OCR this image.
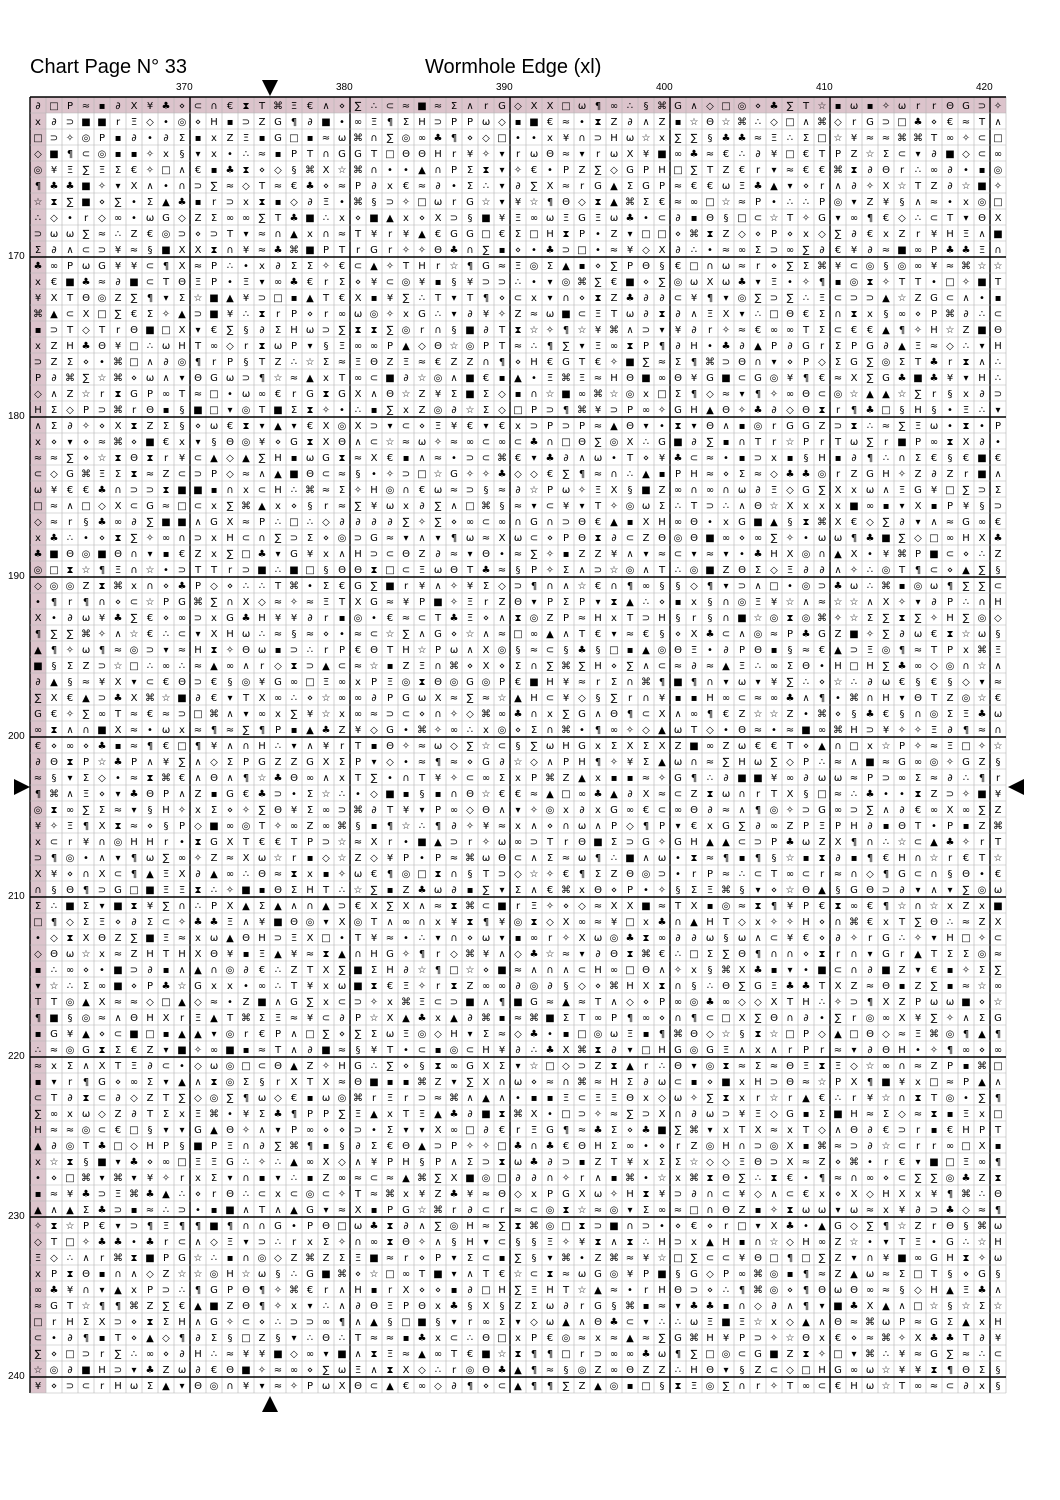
Chart Page N° 33	Wormhole Edge (xl)
370	380	390	400	410	420
170
180
190
200
210
220
230
240
∂ □ P ≈ ▪ ∂ X ¥ ♣ ⋄ ⊂ ∩ € ⧗ T ⌘ Ξ € ∧ ⋄ ∑ ∴ ⊂ ≈ ■ ≈ Σ ∧ r G ◇ X X □ ω ¶ ∞ ∴ § ⌘ G ∧ ◇ □ ◎ ⋄ ♣ ∑ T ☆ ▪ ω ▪ ✧ ω r r Θ G ⊃ ✧
x ∂ ⊃ ■ ■ r Ξ ◇ • ◎ ⋄ H ▪ ⊃ Z G ¶ ∂ ■ • ∞ Ξ ¶ Σ H ⊃ P P ω ◇ ▪ ■ € ≈ • ⧗ Z ∂ ∧ Z ▪ ☆ Θ ☆ ⌘ ∴ ◇ □ ∧ ⌘ ◇ r G ⊃ □ ♣ ⋄ € ≈ T ∧
□ ⊃ ✧ ◎ P ▪ ∂ • ∂ Σ ▪ x Z Ξ ▪ G □ ▪ ≈ ω ⌘ ∩ ∑ ◎ ∞ ♣ ¶ ⋄ ◇ □ • • x ¥ ∩ ⊃ H ω ☆ x ∑ ∑ § ♣ ♣ ≈ Ξ ∴ Σ □ ☆ ¥ ≈ ≈ ⌘ ⌘ T ∞ ✧ ⊂ □
◇ ■ ¶ ⊂ ◎ ▪ ▪ ✧ x § ▾ x • ∴ ≈ ▪ P T ∩ G G T □ Θ Θ H r ¥ ✧ ▾ r ω Θ ≈ ▾ r ω X ¥ ■ ∞ ♣ ≈ € ∴ ∂ ¥ □ € T P Z ☆ Σ ⊂ ▾ ∂ ■ ◇ ⊂ ∞
◎ ¥ Ξ ∑ Ξ Σ € ✧ □ ∧ € ▪ ♣ ⧗ ⋄ ◇ § ⌘ X ☆ ⌘ ∩ • • ▲ ∩ P Σ ⧗ ▾ ✧ € • P Z ∑ ◇ G P H □ ∑ T Z € r ▾ ≈ € € ⌘ ⧗ ∂ Θ r ∴ ∞ ∂ • ▪ ◎
¶ ♣ ♣ ■ ✧ ▾ X ∧ • ∩ ⊃ ∑ ≈ ◇ T ≈ € ♣ ⋄ ≈ P ∂ x € ≈ ∂ • Σ ∴ ▾ ∂ ∑ X ≈ r G ▲ Σ G P ≈ € € ω Ξ ♣ ▲ ▾ ⋄ r ∧ ∂ ✧ X ☆ T Z ∂ ☆ ■ ✧
☆ ⧗ ∑ ■ ⋄ ∑ • Σ ▲ ♣ ▪ r ⊃ x ⧗ ▪ ◇ ∂ Ξ • ⌘ § ⊃ ✧ □ ω r G ☆ ▾ ¥ ☆ ¶ Θ ◇ ⧗ ▲ ⌘ Σ € ≈ ∞ □ ☆ ≈ P • ∴ ∴ P ◎ ▾ Z ¥ § ∧ ≈ • x ◎ □
∴ ◇ • r ◇ ∞ • ω G ◇ Z Σ ∞ ∞ ∑ T ♣ ■ ∴ x ⋄ ■ ▲ x ⋄ X ⊃ § ■ ¥ Ξ ∞ ω Ξ G Ξ ω ♣ • ⊂ ∂ ▪ Θ § □ ⊂ ☆ T ✧ G ▾ ∞ ¶ € ◇ ∴ ⊂ T ▾ Θ X
⊃ ω ω ∑ ≈ ∴ Z € ◎ ⊃ ⋄ ⊃ T ▾ ≈ ∩ ▲ x ∩ ≈ T ¥ r ¥ ▲ € G G □ € Σ □ H ⧗ P • Z ▾ □ □ ⋄ ⌘ ⧗ Z ◇ ⋄ P ⋄ x ◇ ∑ ∂ € x Z r ¥ H Ξ ∧ ■
Σ ∂ ∧ ⊂ ⊃ ¥ ≈ § ■ X X ⧗ ∩ ¥ ≈ ♣ ⌘ ■ P T r G r ✧ ✧ Θ ♣ ∩ ∑ ▪ ⋄ • ♣ ⊃ □ • ≈ ¥ ◇ X ∂ ∴ • ≈ ∞ Σ ⊃ ∞ ∑ ∂ € ¥ ∂ ≈ ■ ∞ P ♣ ♣ Ξ ∩
♣ ∞ P ω G ¥ ¥ ⊂ ¶ X ≈ P ∴ • x ∂ Σ Σ ✧ € ⊂ ▲ ✧ T H r ☆ ¶ G ≈ Ξ ◎ Σ ▲ ▪ ⋄ ∑ P Θ § € □ ∩ ω ≈ r ⋄ ∑ Σ ⌘ ¥ ⊂ ◎ § ◎ ∞ ¥ ≈ ⌘ ☆ ☆
x € ■ ♣ ≈ ∂ ■ ⊂ T Θ Ξ P • Ξ ▾ ∞ ♣ € r Σ ⋄ ¥ ⊂ ◎ ¥ ▪ § ¥ ⊃ ⊃ ∴ • ▾ ◎ ⌘ ∑ € ■ ⋄ ∑ ◎ ω X ω ♣ ▾ Ξ • ✧ ¶ ▪ ◎ ⧗ ✧ T T • □ ✧ ■ T
¥ X T Θ ◎ Z ∑ ¶ ▾ Σ ☆ ■ ▲ ¥ ⊃ □ ▪ ▲ T € X ▪ ¥ ∑ ∴ T ▾ T ¶ ⋄ ⊂ x ▾ ∩ ⋄ ⧗ Z ♣ ∂ ∂ ⊂ ¥ ¶ ▾ ◎ ∑ ⊃ ∑ ∴ Ξ ⊂ ⊃ ⊃ ▲ ☆ Z G ⊂ ∧ • ▪
⌘ ▲ ⊂ X □ ∑ € Σ ✧ ▲ ⊃ ■ ¥ ∴ ⧗ r P ⋄ r ∞ ω ◎ ✧ x G ∴ ▾ ∂ ¥ ✧ Z ≈ ω ■ ⊂ Ξ T ω ∂ ⧗ ∂ ∧ Ξ X ▾ ∴ □ Θ € Σ ∩ ⧗ x § ∞ ⋄ P ⌘ ∂ ∴ ⊂
▪ ⊃ T ◇ T r Θ ■ □ X ▾ € ∑ § ∂ Σ H ω ⊃ ∑ ⧗ ⧗ ∑ ◎ r ∩ § ■ ∂ T ⧗ ☆ ✧ ¶ ☆ ¥ ⌘ ∧ ⊃ ▾ ¥ ∂ r ✧ ≈ € ∞ ∞ T Σ ⊂ € € ▲ ¶ ✧ H ☆ Z ■ Θ
x Z H ♣ Θ ¥ □ ∴ ω H T ∞ ◇ r ⧗ ω P ▾ § Ξ ∞ ∞ P ▲ ◇ Θ ☆ ◎ P T ≈ ∴ ¶ ∑ ▾ Ξ ∞ ⧗ P ¶ ∂ H • ♣ ∂ ▲ P ∂ G r Σ P G ∂ ▲ Ξ ≈ ◇ ∴ ▾ H
⊃ Z Σ ⋄ • ⌘ □ ∧ ∂ ◎ ¶ r P § T Z ∴ ☆ Σ ≈ Ξ Θ Z Ξ ≈ € Z Z ∩ ¶ ⋄ H € G T € ✧ ■ ∑ ≈ Σ ¶ ⌘ ⊃ Θ ∩ ▾ ⋄ P ◇ Σ G ∑ ◎ Σ T ♣ r ⧗ ∧ ∴
P ∂ ⌘ ∑ ☆ ⌘ ⋄ ω ∧ ▾ Θ G ω ⊃ ¶ ☆ ≈ ▲ x T ∞ ⊂ ■ ∂ ☆ ◎ ∧ ■ € ▪ ▲ • Ξ ⌘ Ξ ≈ H Θ ■ ∞ Θ ¥ G ■ ⊂ G ◎ ¥ ¶ € ≈ X ∑ G ♣ ■ ♣ ¥ ▾ H ∴
◇ ∧ Z ☆ r ⧗ G P ∞ T ≈ □ • ω ∞ € r G ⧗ G X ∧ Θ ☆ Z ¥ Σ ■ Σ ◇ ▪ ∩ ☆ ■ ∞ ⌘ ☆ ◎ x □ Σ ¶ ◇ ≈ ▾ ¶ ✧ ∞ Θ ⊂ ◎ ☆ ▲ ▲ ☆ ∑ r § x ∂ ⊃
H Σ ◇ P ⊃ ⌘ r Θ ▪ § ■ □ ▾ ◎ T ■ Σ ⧗ ✧ • ∴ ▪ ∑ x Z ◎ ∂ ☆ Σ ◇ □ P ⊃ ¶ ⌘ ¥ ⊃ P ∞ ✧ G H ▲ Θ ✧ ♣ ∂ ◇ Θ ⧗ r ¶ ♣ □ § H § • Ξ ∴ ▾
∧ Σ ∂ ✧ ⋄ X ⧗ Z Σ § ⋄ ω € ⧗ ▾ ▲ ▾ € X ◎ X ⊃ ▾ ⊂ ⋄ Ξ ¥ € ▾ € x ⊃ P ⊃ P ≈ ▲ Θ ▾ • ⧗ ▾ Θ ∧ ▪ ◎ r G G Z ⊃ ⧗ ∴ ≈ ∑ Ξ ω • ⧗ • P
x ⋄ ▾ ⋄ ≈ ⌘ ⋄ ■ € x ▾ § Θ ◎ ¥ ⋄ G ⧗ X Θ ∧ ⊂ ☆ ≈ ω ✧ ≈ ∞ ⊂ ∞ ⊂ ♣ ∩ □ Θ ∑ ◎ X ∴ G ■ ∂ ∑ ▪ ∩ T r ☆ P r T ω ∑ r ■ P ∞ ⧗ X ∂ •
≈ ≈ ∑ ⋄ ☆ ⧗ Θ ⧗ r ¥ ⊂ ▲ ◇ ▲ ∑ H ▪ ω G ⧗ ≈ X € ▪ ∧ ≈ • ⊃ ⊂ ⌘ € ▾ ♣ ∂ ∧ ω • T ⋄ ¥ ♣ ⊂ ≈ • ▪ ⊃ x ▪ § H ▪ ∂ ¶ ∴ ∩ Σ € § € ■ €
⊂ ◇ G ⌘ Ξ Σ ⧗ ≈ Z ⊂ ⊃ P ◇ ≈ ∧ ▲ ■ Θ ⊂ ≈ § • ✧ ⊃ □ ☆ G ✧ ✧ ♣ ◇ ◇ € ∑ ¶ ≈ ∩ ∴ ▲ ▪ P H ≈ ⋄ Σ ≈ ◇ ♣ ♣ ◎ r Z G H ✧ Z ∂ Z r ■ ∧
ω ¥ € € ♣ ∩ ⊃ ⊃ ⧗ ■ ■ ▪ ∩ x ⊂ H ∴ ⌘ ≈ Σ ✧ H ◎ ∩ € ω ≈ ⊃ § ≈ ∂ ☆ P ω ✧ Ξ X § ■ Z ∞ ∩ ∞ ∩ ω ∂ Ξ ◇ G ∑ X x ω ∧ Ξ G ¥ □ ∑ ⊃ Σ
□ ≈ ∧ □ ◇ X ⊂ G ≈ □ ⊂ x ∑ ⌘ ▲ x ⋄ § r ≈ ∑ ¥ ω x ∂ ∑ ∧ □ ⌘ § ≈ ▾ ⊂ ¥ ▾ T ✧ ◎ ω Σ ∴ T ⊃ ∴ ∧ Θ ☆ X x x x ■ ∞ ▪ ▾ X ▪ P ¥ § ⊃
◇ ≈ r § ♣ ∞ ∂ ∑ ■ ■ ∧ G X ≈ P ∴ □ ∴ ◇ ∂ ∂ ∂ ∂ ∑ ✧ ∑ ⋄ ∞ ⊂ ∞ ∩ G ∩ ⊃ Θ € ▲ ▪ X H ∞ Θ • x G ■ ▲ § ⧗ ⌘ X € ◇ ∑ ∂ ▾ ∧ ≈ G ∞ €
x ♣ ∴ • ⋄ ⧗ ∑ ✧ ∞ ∩ ⊃ x H ⊂ ∩ ∑ ⊃ Σ ⋄ ◎ ⊃ G ≈ ▾ ∧ ▾ ¶ ω ≈ X ω ⊂ ⋄ P Θ ⧗ ∂ ⊂ Z Θ ◎ Θ ■ ∞ ⋄ ∞ ∑ ✧ • ω ω ¶ ♣ ■ ∑ ◇ □ ∞ H X ♣
♣ ■ Θ ◎ ■ Θ ∩ ▾ ▪ € Z x ∑ □ ♣ ▾ G ¥ x ∧ H ⊃ ⊂ Θ Z ∂ ≈ ▾ Θ • ≈ ∑ ✧ ▪ Z Z ¥ ∧ ▾ ≈ ⊂ ▾ ≈ ▾ • ♣ H X ◎ ∩ ▲ X • ¥ ⌘ P ■ ⊂ ⋄ ∴ Z
◎ □ ⧗ ☆ ¶ Ξ ∩ ☆ • ⊃ T T r ⊃ ■ ∴ ■ □ § Θ Θ ⧗ □ ⊂ Ξ ω Θ T ♣ ≈ § P ✧ Σ ∧ ⊃ ☆ ◎ ∧ T ∴ ◎ ■ Z Θ Σ ◇ Ξ ∂ ∂ ∧ ✧ ∴ ◎ T ¶ ⊂ ⋄ ▲ ∑ §
◇ ◎ ◎ Z ⧗ ⌘ x ∩ ⋄ ♣ P ◇ ⋄ ∴ ∴ T ⌘ • Σ € G ∑ ■ r ¥ ∧ ✧ ¥ Σ ◇ ⊃ ¶ ∩ ∧ ☆ € ∩ ¶ ∞ § § ◇ ¶ ▾ ⊃ ∧ □ • ◎ ⊃ ♣ ω ∴ ⌘ ▪ ◎ ω ¶ ∑ ∑ ⊂
• ¶ r ¶ ∩ ⋄ ⊂ ☆ P G ⌘ ∑ ∩ X ◇ ≈ ✧ ≈ Ξ T X G ≈ ¥ P ■ ✧ Ξ r Z Θ ▾ P Σ P ▾ ⧗ ▲ ∴ ⋄ ▪ x § ∩ ◎ Ξ ¥ ☆ ∧ ≈ ☆ ☆ ∧ X ✧ ▾ ∂ P ∴ ∩ H
X • ∂ ω ¥ ♣ ∑ € ⋄ ∞ ⊃ x G ♣ H ¥ ¥ ∂ r ▪ ◎ • € ≈ ⊂ T ♣ Ξ ⋄ ∧ ⧗ ◎ Z P ≈ H x T ⊃ H § r § ∩ ■ ☆ ◎ ⧗ ◎ ⌘ ✧ ☆ Σ ∑ ⧗ ∑ ✧ H ∑ ◎ ◇
¶ ∑ ∑ ⌘ ✧ ∧ ☆ € ∴ ⊂ ▾ X H ω ∴ ≈ § ≈ ⋄ • ≈ ⊂ ☆ ∑ ∧ G ⋄ ☆ ∧ ≈ □ ∞ ▲ ∧ T € ▾ ≈ € § ⋄ X ♣ ⊂ ∧ ◎ ≈ P ♣ G Z ■ ✧ ∑ ∂ ω € ⧗ ☆ ω §
▲ ¶ ✧ ω ¶ ≈ ◎ ⊃ ▾ ≈ H ⧗ ✧ Θ ω ▪ ⊃ ∴ r P € Θ T H ☆ P ω ∧ X ◎ § ≈ ⊂ § ♣ § □ ▪ ▲ ◎ Θ Ξ • ∂ P Θ ▪ § ≈ € ▲ ⊃ Ξ ◎ ¶ ≈ T P x ⌘ Ξ
■ § Σ Z ⊃ ☆ □ ∴ ∞ ∴ ≈ ▲ ∞ ∧ r ◇ ⧗ ⊃ ▲ ⊂ ≈ ☆ ▪ Z Ξ ∩ ⌘ ⋄ X ⋄ Σ ∩ ∑ ⌘ ∑ H ⋄ ∑ ∧ ⊂ ≈ ∂ ≈ ▲ Ξ ∴ ∞ Σ Θ • H □ H ∑ ♣ ∞ ◇ ◎ ∩ ☆ ∧
∂ ▲ § ≈ ¥ X ▾ ⊂ € Θ ⊃ € § ◎ ¥ G ∞ □ Ξ ∞ x P Ξ ◎ ⧗ Θ ◎ G ◎ P € ■ H ¥ ≈ r Σ ∩ ⌘ ¶ ■ ¶ ∩ ▾ ω ▾ ¥ ∑ ∴ ⋄ ☆ ∴ ∂ ω € § € § ◇ ▾ ≈
∑ X € ▲ ⊃ ♣ X ⌘ ☆ ■ ∂ € ▾ T X ∞ ∴ ⋄ ☆ ∞ ∞ ∂ P G ω X ≈ ∑ ≈ ☆ ▲ H ⊂ ¥ ◇ § ∑ r ∩ ¥ ▪ ▪ H ∞ ⊂ ≈ ∞ ♣ ∧ ¶ • ⌘ ∩ H ▾ Θ T Z ◎ ☆ €
G € ✧ ∑ ∞ T ≈ € ≈ ⊃ □ ⌘ ∧ ▾ ∞ x ∑ ¥ ☆ x ∞ ≈ ⊃ ⊂ ⋄ ∩ ✧ ◇ ⌘ ∞ ♣ ∩ x ∑ G ∧ Θ ¶ ⊂ X ∧ ∞ ¶ € Z ☆ ☆ Z • ⌘ ⋄ § ♣ € § ∩ ◎ Σ Ξ ♣ ω
∞ ⧗ ∧ ∩ ■ X ≈ • ω x ≈ ¶ ≈ ∑ ¶ P ▪ ▲ ♣ Z ¥ ◇ G • ⌘ ✧ ∞ ∴ x ◎ ⋄ Σ ∩ ⌘ • ¶ ∞ ✧ ◇ ▲ ω T ◇ • Θ ≈ • ≈ ■ ∞ ⌘ H ⊃ ¥ ✧ ✧ Ξ ∂ ¶ ≈ ∩
€ ⋄ ∞ ⋄ ♣ ▪ ≈ ¶ € □ ¶ ¥ ∧ ∩ H ∴ ▾ ∧ ¥ r T ▪ Θ ✧ ≈ ω ◇ ∑ ☆ ⊂ § ∑ ω H G x Σ X Σ X Z ■ ∞ Z ω € € T ⋄ ▲ ∩ □ x ☆ P ✧ ≈ Ξ □ ✧ ☆
∂ Θ ⧗ P ☆ ♣ P ∧ ¥ ∑ ∧ ◇ Σ P G Z Z G X Σ P ▾ ◇ • ≈ ¶ ≈ ⋄ G ∂ ☆ ◇ ∧ P H ¶ ✧ ¥ Σ ▲ ω ∩ ≈ ∑ H ω ∑ ◇ P ∴ ≈ ∧ ■ ≈ G ∞ ◎ ✧ G Z §
≈ § ▾ Σ ◇ • ≈ ⧗ ⌘ € ∧ Θ ∧ ¶ ☆ ♣ Θ ∞ ∧ x T ∑ • ∩ T ¥ ✧ ⊂ ∞ Σ x P ⌘ Z ▲ x ▪ ▪ ≈ ✧ G ¶ ∴ ∂ ■ ■ ¥ ∞ ∂ ω ω ≈ P ⊃ ∞ Σ ≈ ∂ ∴ ¶ r
¶ ⌘ ∧ Ξ ⋄ ▾ ♣ Θ P ∧ Z ▪ G € ♣ ⊃ • Σ ☆ ∴ • ◇ ■ ▪ § ▪ ∩ Θ ☆ € € ≈ ▲ □ ∞ ♣ ▲ ∂ X ≈ ⊂ Z ⧗ ω ∩ r T X § □ ≈ ∴ ♣ • • ⧗ Z ⊃ ✧ ■ ¥
◎ ⧗ ∞ ∑ Σ ≈ ▾ § H ✧ x Σ ⋄ ✧ ∑ Θ ¥ Σ ∞ ⊃ ⌘ ∂ T ¥ ▾ P ∞ ◇ Θ ∧ ▾ ✧ ◎ x ∂ x G ∞ € ⊂ ∞ Θ ∂ ≈ ∧ ¶ ◎ ✧ ⊃ G ∞ ⊃ ∑ ∧ ∂ € ∞ X ∞ ∑ Z
¥ ✧ Ξ ¶ X ⧗ ≈ ⋄ § P ◇ ■ ∞ ◎ T ✧ ∞ Z ∞ ⌘ § ▪ ¶ ☆ ∴ ¶ ∂ ✧ ¥ ≈ x ∧ ⋄ ∩ ω ∧ P ◇ ¶ P ▾ € x G ∑ ∂ ∞ Z P Ξ P H ∂ ▪ Θ T • P ▪ Z ⌘
x ⊂ r ¥ ∩ ◎ H H r • ⧗ G X T € € T P ⊃ ☆ ≈ X r • ■ ▲ ⊃ r ✧ ω ∞ ⊃ T r Θ ■ Σ ⊃ G ✧ G H ▲ ▲ ⊂ ⊃ P ♣ ω Z X ¶ ∩ ∴ ☆ ⊂ ▲ ♣ ✧ r T
⊃ ¶ ◎ • ∧ ▾ ¶ ω ∑ ∞ ✧ Z ≈ X ω ☆ r ▪ ◇ ☆ Z ◇ ¥ P • P ≈ ⌘ ω Θ ⊂ ∧ Σ ≈ ω ¶ ∴ ■ ∧ ω • ⧗ ≈ ¶ ▪ ¶ § ☆ ▪ ⧗ ∂ ▪ ¶ € H ∩ ☆ r € T ☆
X ¥ ⋄ ∩ X ⊂ ¶ ▲ Ξ X ∂ ▲ ∞ ∴ Θ ≈ ⧗ x ▪ ✧ ω € ¶ ◎ □ ⧗ ∩ § T ⊃ ◇ ☆ ✧ € ¶ Σ Z Θ ◎ ⊃ • r P ≈ ∴ ⊂ T ∞ ⊂ r ≈ ∩ ◇ ¶ G ⊂ ∩ § Θ • €
∩ § Θ ¶ ⊃ G □ ■ Ξ Ξ ⧗ ∴ ✧ ■ ▪ Θ Σ H T ∴ ☆ ∑ ▪ Z ♣ ω ∂ ▪ ∑ ▾ Σ ∧ € ⌘ x Θ ⋄ P • ✧ § Σ Ξ ⌘ § ▾ ⋄ ☆ Θ ▲ § G Θ ⊃ ∂ ▾ ∧ ▾ ∑ ◎ ω
Σ ∴ ■ Σ ▾ ■ ⧗ ¥ ∑ ∩ ∴ P X ▲ Σ ▲ ∧ ∩ ▲ ⊃ € X ∑ X ∧ ≈ ⧗ ⌘ ⊂ ■ r Ξ ✧ ⋄ ◇ ≈ X X ■ ≈ T X ▪ ◎ ≈ ⧗ ¶ ¥ P € ⧗ ∞ € ¶ ☆ ∩ ☆ x Z x ■
□ ¶ ◇ Σ Ξ ⋄ ∂ Σ ⊂ ✧ ♣ ♣ Ξ ∧ ¥ ■ Θ ◎ ▾ X ◎ T ∧ ∞ ∩ x ¥ ⧗ ¶ ¥ ◎ ⧗ ◇ X ∞ ≈ ¥ □ x ♣ ∩ ▲ H T ◇ x ✧ ✧ H ⋄ ∩ ⌘ € x T ∑ Θ ∴ ≈ Z X
• ◇ ⧗ X Θ Z ∑ ■ Ξ ≈ x ω ▲ Θ H ⊃ Ξ X □ • T ¥ ≈ • ∴ ▾ ∩ ⋄ ω ▾ ▪ ∞ r ✧ X ω ◎ ♣ ⧗ ∞ ∂ ∂ ω § ω ∧ ⊂ ¥ € ⋄ ∂ ✧ r G ∴ ✧ ▾ H □ ✧ ⊂
◇ Θ ω ☆ x ≈ Z H T H X Θ ¥ ▪ Ξ ▲ ¥ ≈ ⧗ ▲ ∩ H G ✧ ¶ r ◇ ⌘ ¥ ∧ ◇ ♣ ☆ ≈ ▾ ∂ Θ ⧗ ⌘ € ∴ □ Σ ∑ Θ ¶ ∩ ∩ ⋄ ⧗ r ∩ ▾ G r ▲ T Σ Σ ◎ ≈
▪ ∴ ∞ ⋄ • ■ ⊃ ∂ ▪ ∧ ▲ ∩ ◎ ∂ € ∴ Z T X ∑ ■ Σ H ∂ ☆ ¶ □ ☆ ⋄ ■ ≈ ∧ ∩ ∧ ⊂ H ∞ □ Θ ∧ ✧ x § ⌘ X ♣ ▪ ▾ • ■ ⊂ ∩ ∂ ■ Z ▾ € ▪ ✧ Σ ∑
▾ ☆ ∴ Σ ∞ ■ ⋄ P ♣ ☆ G x x • ∞ ∴ T ¥ x ω ■ ⧗ € Ξ ✧ r ⧗ Z ∞ ∞ ∂ ◎ ∂ § ◇ ⋄ ⌘ H X ⧗ ∩ § ∴ Θ ∑ G Ξ ♣ ♣ T X Z ≈ Θ ▪ Z ∑ ▪ ≈ ☆ ∞
T T ◎ ▲ X ≈ ≈ ◇ □ ▲ ◇ ≈ • Z ■ ∧ G ∑ x ⊂ ⊃ ✧ x ⌘ Ξ ⊂ ⊃ ■ ∧ ¶ ■ G ≈ ▲ ≈ T ∧ ◇ ⋄ P ∞ ◎ ♣ ∞ ◇ ◇ X T H ∴ ✧ ⊃ ¶ X Z P ω ω ■ ⋄ ☆
¶ ■ § ◎ ≈ ∧ Θ H X r Ξ ▲ T ⌘ Σ Ξ ≈ ¥ ⊂ ∂ P ☆ X ▲ ♣ x ▲ ∂ ⌘ ▪ ≈ ⌘ ■ Σ T ∞ P ¶ ∞ ⋄ ∩ ¶ ⊂ □ X ∑ Θ ∩ ∂ • ∑ r ◎ ∞ X ¥ ∑ ✧ ∧ Σ G
▪ G ¥ ▲ ⋄ ⊂ ■ □ ▪ ▲ ▲ ▾ ◎ r € P ∧ □ ∑ ⋄ ∑ Σ ω Ξ ◎ ◇ H ▾ Σ ≈ ◇ ♣ • ▪ □ ◎ ω Ξ ▪ ¶ ⌘ Θ ◇ ☆ § ⧗ ☆ □ P ◇ ▲ □ Θ ◇ ≈ Ξ ⌘ ◎ ¶ ▲ ¶
∴ ≈ ◎ G ⧗ Σ € Z ▾ ■ ✧ ∞ ■ ▪ ≈ T ∧ ∂ ■ ≈ § ¥ T • ⊂ ▪ ◎ ⊂ H ¥ ∂ ∴ ♣ X ⌘ ⧗ ∂ ▾ □ H G ◎ G Ξ ∧ x ∧ r P r ≈ ▾ ∂ Θ H • ✧ ¶ ∞ ⋄ ∞
≈ x Σ ∧ X T Ξ ∂ ⊂ • ◇ ω ◎ □ ⊂ Θ ▲ Z ✧ H G ∴ ∑ ⋄ § ⧗ ∞ G X Σ ▾ ☆ □ ◇ ⊃ Z ⧗ ▲ r ∴ Θ ▾ ◎ ⧗ ≈ Σ ≈ Θ Ξ ⧗ Ξ ◇ ☆ ∞ ∩ ≈ Z P ▪ ⌘ □
▪ ▾ r ¶ G ⋄ ∞ Σ ▾ ▲ ∧ ⧗ ◎ Σ § r X T X ≈ Θ ■ ▪ ▪ ⌘ Z ▾ ∑ X ∩ ω ⋄ ≈ ∩ ⌘ ≈ H Σ ∂ ω ⊂ ▪ ⋄ ■ x H ⊃ Θ ≈ ☆ P X ¶ ■ ¥ x □ ≈ P ▲ ∧
⊂ T ∂ ⧗ ⊂ ∂ ◇ Z T ∑ ◇ ◎ ∑ ¶ ω ◇ € ▪ ω ◎ ⌘ r Ξ r ⊃ ≈ ⌘ ∧ ▲ ∧ • ▪ ▪ Ξ ⊂ Ξ Ξ Θ x ◇ ω ✧ ∑ ⧗ x r ☆ r ▲ € ∴ r ¥ ☆ ∩ ⧗ T ◎ • ∑ ¶
∑ ∞ x ω ◇ Z ∂ T Σ x Ξ ⌘ • ¥ Σ ♣ ¶ P P ∑ Ξ ▲ x T Ξ ▲ ♣ ∂ ■ ⧗ ⌘ X • □ ⊃ ✧ ≈ ∑ ⊃ X ∩ ∂ ω ⊃ ¥ Ξ ◇ G ▪ Σ ■ H ≈ Σ ◇ ≈ ⧗ ▪ Ξ x □
H ≈ ≈ ◎ ⊂ € □ § ▾ ▾ G ▲ Θ ✧ ∧ ▾ P ∞ ⋄ ⋄ ⊃ • Σ ▾ ▾ X ∞ □ ∂ € r Ξ G ¶ ≈ ♣ Σ ⋄ ♣ ■ ∑ ⌘ ▾ x T X ≈ x T ◇ ∧ Θ ∂ € ⊃ r ▪ € H P T
▲ ∂ ◎ T ♣ □ ◇ H P § ■ P Ξ ∩ ∂ ∑ ⌘ ¶ ▪ § ∂ Σ € Θ ▲ ⊃ P ✧ ✧ □ ♣ ∩ ♣ € Θ H Σ ∞ • ⋄ r Z ◎ H ∩ ⊃ ◎ X ▪ ⌘ ≈ ⊃ ∂ ☆ ⊂ r r ∞ □ X ▪
x ☆ ⧗ § ■ ▾ ♣ ⋄ ∞ □ Ξ Ξ G ∴ ✧ ∴ ▲ ∞ X ◇ ∧ ¥ P H § P ∧ Σ ⊃ ⧗ ω ♣ ∂ ⊃ ▪ Z T ¥ x Σ Σ ☆ ◇ ◇ Ξ Θ ⊃ X ≈ Z ⋄ ⌘ • r € ▾ ■ □ Ξ ∞ ¶
• ⋄ □ ⌘ ▾ ⌘ ▾ ¥ ✧ r x Σ ▾ ∩ ▪ ▾ ∴ ▪ Z ∞ ≈ ⊂ ≈ ▲ ⌘ ∑ X ■ ◎ □ ∂ ∂ ∩ ✧ r ∧ ▪ ⌘ • ☆ x ⌘ ⧗ Θ ∑ ∴ ⧗ € • ¶ ≈ ∩ ∞ ⋄ ⊂ ∑ ∑ ◎ ♣ Z ⧗
▪ ≈ ¥ ♣ ⊃ Ξ ⌘ ♣ ▲ ∴ ⋄ r Θ ∴ ⊂ x ⊂ ◎ ⊂ ✧ T ≈ ⌘ x ¥ Z ♣ ¥ ≈ Θ ◇ x P G X ω ✧ H ⧗ ¥ ⊃ ∂ ∩ ⊂ ¥ ◇ ∧ ⊂ € x ⋄ X ◇ H X x ¥ ¶ ⌘ ∴ Θ
▲ ∧ ▲ Σ ♣ ⊃ ▪ ≈ ∴ ⊃ • ▪ ■ ∧ T ∧ ▲ G ▾ ≈ X ▪ P G ☆ ⌘ r ∂ ⊂ r ≈ ⊂ ◎ ⧗ ☆ ≈ ◎ ▾ Σ ∞ ≈ □ ∩ Θ Z ▪ ✧ ⧗ ω ω ▾ ω ≈ x ¥ ∂ ⊃ ♣ ◇ ≈ ¶
✧ ⧗ ☆ P € ▾ ⊃ ¶ Ξ ¶ ¶ ■ ¶ ∩ ∩ G • P Θ □ ω ♣ ⧗ ∂ ∧ ∑ ◎ H ≈ ∑ ⧗ ⌘ ◎ □ ⧗ ⊃ ■ ∩ ⊃ • ⋄ € ⋄ r □ ▾ X ♣ • ▲ G ◇ ∑ ¶ ☆ Z r Θ § ⌘ ω
◇ T □ ✧ ♣ ♣ • ♣ r ⊂ ∧ ◇ Ξ ▾ ⊃ ∴ r x Σ ✧ ∩ ∞ ⧗ Θ ✧ ∧ § H ▾ ⊂ § § Ξ ✧ ¥ ⧗ ∧ ⧗ ∴ H ⊃ x ▲ H ▪ ∩ ☆ ◇ H ∞ Z ☆ • ▾ T Ξ • G ∴ ☆ H
Ξ ◇ ∴ ∧ r ⌘ ⧗ ■ P G ☆ ∴ ▪ ∩ ◎ ◇ Z ⌘ Z Σ Ξ ■ ≈ r ⋄ P ▾ Σ ⊂ ▪ ∑ § ▾ ⌘ • Z ⌘ ≈ ¥ ☆ □ ∑ ⊂ ⊂ ¥ Θ □ ¶ □ ∑ Z ▾ ∩ ¥ ■ ∞ G H ⧗ ✧ ω
x P ⧗ Θ ▪ ∩ ∧ ◇ Z ☆ ☆ ◎ H ☆ ω § ∴ G ■ ⌘ ⋄ ☆ □ ∞ T ■ ▾ ∧ T € ☆ ⊂ ⧗ ≈ ω G ◎ ¥ P ■ § G ◇ P ∞ ⌘ ◎ ▪ ¶ ≈ Z ▲ ω ≈ Σ □ T § ⋄ G §
∞ ♣ ¥ ∩ ▾ ▲ x P ⊃ ∴ ¶ G P Θ ¶ ✧ ⌘ € r ∧ H ▪ r X ⋄ ⋄ ▪ ∂ □ H ∑ Ξ H T ☆ ▲ ≈ • r H Θ ⊃ ⋄ ∴ ¶ ⌘ ◎ ⋄ ¶ Θ ω Θ ∞ ≈ § ◇ H ▲ Ξ ♣ ∧
≈ G T ☆ ¶ ¶ ⌘ Z ∑ € ▲ ■ Z Θ ¶ ✧ x ▾ ∴ ∧ ∂ Θ Ξ P Θ x ♣ § X § Z Σ ω ∂ r G § ⌘ ▪ ≈ ▾ ♣ ♣ ▪ ∩ ◇ ∂ ∧ ¶ ▾ ■ ♣ X ▲ ∧ □ ☆ § ☆ Σ ☆
□ r H Σ X ⊃ ⋄ ⧗ Σ H ∧ G ✧ ⊂ ⋄ ∴ ⊃ ⊃ ∞ ¶ ∧ ▲ § □ ■ § ▾ r ∞ Σ ▾ ◇ ω ▲ ∧ Θ ♣ ⊂ ▾ ∴ ∴ ω Ξ ■ Ξ ☆ x ◇ ▲ ∧ Θ ≈ ⌘ ω P ≈ G Σ ▲ x H
⊂ • ∂ ¶ ▪ T ⋄ ▲ ◇ ¶ ∂ Σ § □ Z § ▾ ∴ Θ ∴ T ≈ ≈ ▪ ♣ x ⊂ ∴ Θ □ x P € ◎ ≈ x ≈ ▲ ≈ ∑ G ⌘ H ¥ P ⊃ ✧ ☆ Θ x € ⋄ ≈ ⌘ ✧ X ♣ ♣ T ∂ ¥
∑ ⋄ □ ⊃ r ∑ ∴ ∞ ⋄ ∂ H ∴ ≈ ¥ ¥ ■ ◇ ∞ ▾ ■ ∧ ⧗ Ξ ≈ ▲ ∞ T € ■ ☆ ⧗ ¶ ¶ □ r ⊃ ∞ ∞ ♣ ω ¶ ∑ □ ◎ ⊂ G ■ Z ⧗ ✧ □ ▾ ⌘ ∴ ¥ ≈ G ∑ ≈ ∴ ⊂
☆ ◎ ∂ ■ H ⊃ ▾ ♣ Z ω ∂ € Θ ■ ✧ ≈ ∞ ⋄ ∑ ω Ξ ∧ ⧗ X ◇ ∴ r ◎ Θ ♣ ▲ ¶ ≈ § ◎ Z ∞ Θ Z Z ∴ H Θ ▾ § Z ⊂ ◇ □ H G ∞ ω ☆ ¥ ¥ ⧗ ¶ Θ Σ §
¥ ⋄ ⊃ ⊂ r H ω Σ ▲ ▾ Θ ◎ ∩ ¥ ▾ ≈ ✧ P ω X Θ ⊂ ▲ € ∞ ◇ ∂ ¶ ⋄ ⊂ ▲ ¶ ¶ ∑ Z ▲ ◎ ▪ □ § ⧗ Ξ ◎ ∑ ∩ r ✧ T ∞ ⊂ € H ω ☆ T ∞ ≈ ⊂ ∂ x §
